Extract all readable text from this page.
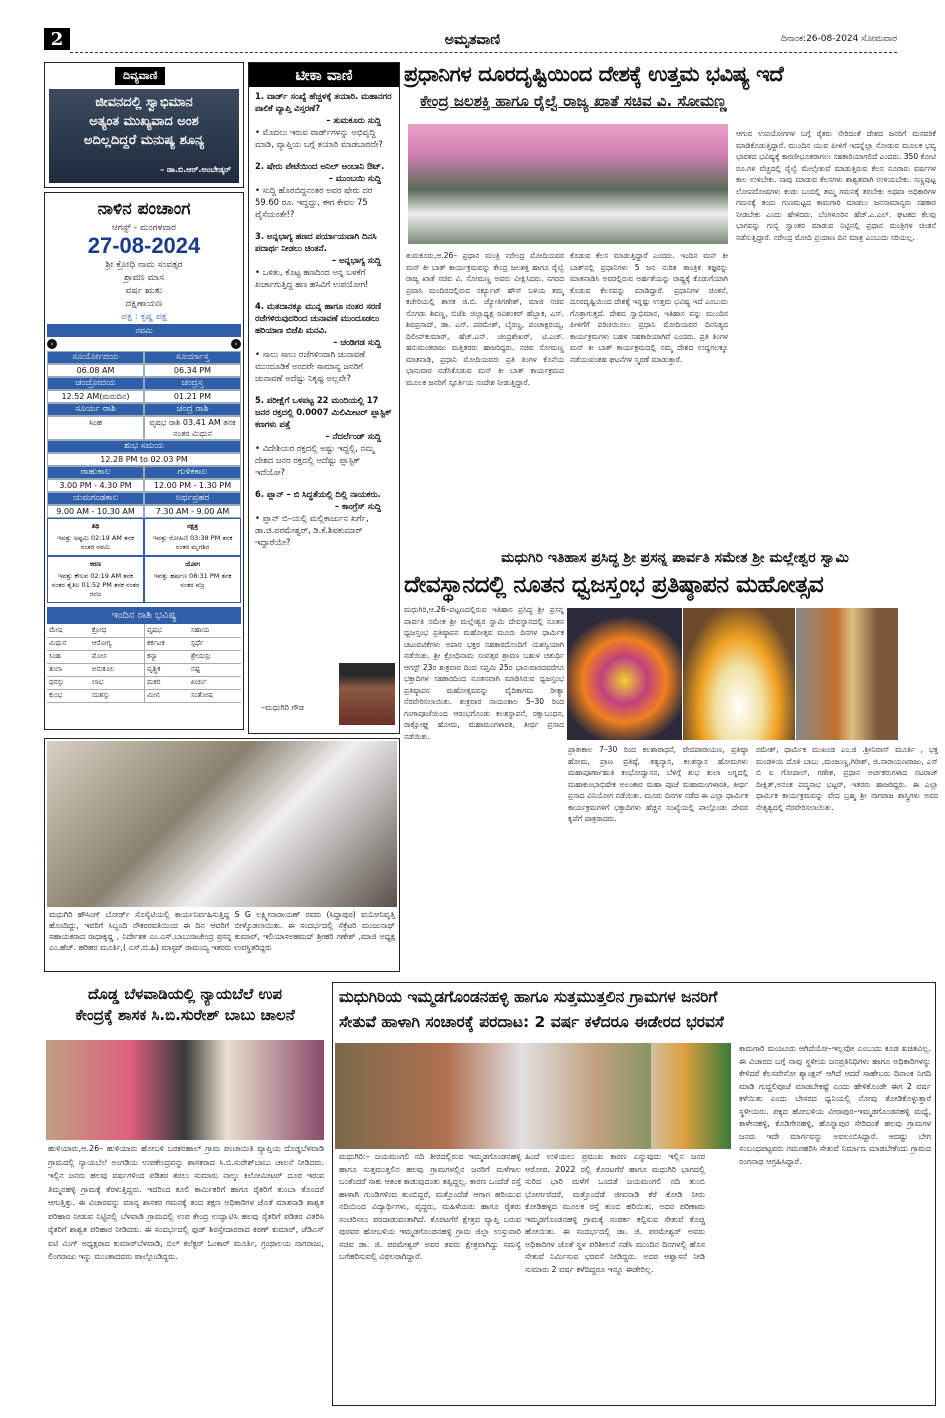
2	ಅಮೃತವಾಣಿ	ದಿನಾಂಕ:26-08-2024 ಸೋಮವಾರ
ದಿವ್ಯವಾಣಿ
ಜೀವನದಲ್ಲಿ ಸ್ವಾಭಿಮಾನ
ಅತ್ಯಂತ ಮುಖ್ಯವಾದ ಅಂಶ
ಅದಿಲ್ಲದಿದ್ದರೆ ಮನುಷ್ಯ ಶೂನ್ಯ
– ಡಾ.ಬಿ.ಆರ್.ಅಂಬೇಡ್ಕರ್
ನಾಳಿನ ಪಂಚಾಂಗ
ಆಗಸ್ಟ್ - ಮಂಗಳವಾರ
27-08-2024
ಶ್ರೀ ಕ್ರೋಧಿ ನಾಮ ಸಂವತ್ಸರ
ಶ್ರಾವಣ ಮಾಸ
ವರ್ಷ ಋತು
ದಕ್ಷಿಣಾಯಣ
ಪಕ್ಷ : ಕೃಷ್ಣ ಪಕ್ಷ
ನವಮಿ
‹	›
ಸೂರ್ಯೋದಯ	ಸೂರ್ಯಾಸ್ತ
06.08 AM	06.34 PM
ಚಂದ್ರೋದಯ	ಚಂದ್ರಸ್ತ
12.52 AM(ಮರುದಿನ)	01.21 PM
ಸೂರ್ಯ ರಾಶಿ	ಚಂದ್ರ ರಾಶಿ
ಸಿಂಹ	ವೃಷಭ ರಾಶಿ 03.41 AM ತನಕ ನಂತರ ಮಿಥುನ
ಶುಭ ಸಮಯ
12.28 PM to 02.03 PM
ರಾಹುಕಾಲ	ಗುಳಿಕಕಾಲ
3.00 PM - 4.30 PM	12.00 PM - 1.30 PM
ಯಮಗಂಡಕಾಲ	ಅರ್ಧಪ್ರಹರ
9.00 AM - 10.30 AM	7.30 AM - 9.00 AM
ತಿಥಿ
ಇವತ್ತು ಅಷ್ಟಮಿ 02:19 AM ತನಕ ನಂತರ ನವಮಿ
ನಕ್ಷತ್ರ
ಇವತ್ತು ರೋಹಿಣಿ 03:38 PM ತನಕ ನಂತರ ಮೃಗಶಿರ
ಕರಣ
ಇವತ್ತು ಕೌಲವ 02:19 AM ತನಕ ನಂತರ ತೈತಿಲ 01:52 PM ತನಕ ನಂತರ ಗರಜ
ಯೋಗ
ಇವತ್ತು ಹರ್ಷಣ 08:31 PM ತನಕ ನಂತರ ವಜ್ರ
ಇಂದಿನ ರಾಶಿ ಭವಿಷ್ಯ
ಮೇಷ	ಕ್ರೋಧ	ವೃಷಭ	ಸಹಾಯ
ಮಿಥುನ	ಆರೋಗ್ಯ	ಕರ್ಕಟಕ	ಸ್ಪರ್ಧೆ
ಸಿಂಹ	ಮೋಸ	ಕನ್ಯಾ	ಶ್ರೇಯಸ್ಸು
ತುಲಾ	ಅನುಕೂಲ	ವೃಶ್ಚಿಕ	ನಷ್ಟ
ಧನಸ್ಸು	ಲಾಭ	ಮಕರ	ಖರ್ಚು
ಕುಂಭ	ಯಶಸ್ಸು	ಮೀನ	ಸಂತೋಷ
ಟೀಕಾ ವಾಣಿ

1. ವಾರ್ಡ್ ಸಂಖ್ಯೆ ಹೆಚ್ಚಳಕ್ಕೆ ತಯಾರಿ. ಮಹಾನಗರ ಪಾಲಿಕೆ ವ್ಯಾಪ್ತಿ ವಿಸ್ತರಣೆ?
– ತುಮಕೂರು ಸುದ್ದಿ
• ಮೊದಲು ಇರುವ ವಾರ್ಡ್‌ಗಳನ್ನು ಅಭಿವೃದ್ಧಿ ಮಾಡಿ, ವ್ಯಾಪ್ತಿಯ ಬಗ್ಗೆ ತಯಾರಿ ಮಾಡಬಾರದೇ?

2. ಷೇರು ಪೇಟೆಯಿಂದ ಅನಿಲ್ ಅಂಬಾನಿ ಔಟ್.
– ಮುಂಬಯಿ ಸುದ್ದಿ
• ಸುದ್ದಿ ಹೊರಬಿದ್ದನಂತರ ಅವರ ಷೇರು ದರ 59.60 ರೂ. ಇದ್ದದ್ದು, ಈಗ ಕೇವಲ 75 ಪೈಸೆಯಂತೇ!?

3. ಅನ್ನಭಾಗ್ಯ ಹಣದ ಪರ್ಯಾಯವಾಗಿ ದಿನಸಿ ಪದಾರ್ಥ ನೀಡಲು ಚಿಂತನೆ.
– ಅನ್ನಭಾಗ್ಯ ಸುದ್ದಿ
• ಒಳಿತು, ಕೊಟ್ಟ ಹಣದಿಂದ ಅನ್ನ ಬಳಕೆಗೆ ಖರ್ಚಾಗುತ್ತಿದ್ದ ಹಣ ಹಸಿವಿಗೆ ಉಪಯೋಗ!

4. ಮತದಾನಕ್ಕೂ ಮುನ್ನ ಹಾಗೂ ನಂತರ ಸರಣಿ ರಜೆಗಳಿರುವುದರಿಂದ ಚುನಾವಣೆ ಮುಂದೂಡಲು ಹರಿಯಾಣ ಬಿಜೆಪಿ ಮನವಿ.
– ಚಂಡಿಗಡ ಸುದ್ದಿ
• ಸಾಲು ಸಾಲು ರಜೆಗಳಿಂದಾಗಿ ಚುನಾವಣೆ ಮುಂದೂಡಿಕೆ ಅಂದರೇ ಸಾಮಾನ್ಯ ಜನರಿಗೆ ಚುನಾವಣೆ ಅದೆಷ್ಟು ನಿಕೃಷ್ಟ ಅಲ್ಲವೇ?

5. ಪರೀಕ್ಷೆಗೆ ಒಳಪಟ್ಟ 22 ಮಂದಿಯಲ್ಲಿ 17 ಜನರ ರಕ್ತದಲ್ಲಿ 0.0007 ಮಿಲಿಮೀಟರ್ ಪ್ಲಾಸ್ಟಿಕ್ ಕಣಗಳು ಪತ್ತೆ
– ನೆದರ್ಲೆಂಡ್ ಸುದ್ದಿ
• ವಿದೇಶಿಯರ ರಕ್ತದಲ್ಲಿ ಅಷ್ಟು ಇದ್ದಲ್ಲಿ, ನಮ್ಮ ದೇಶದ ಜನರ ರಕ್ತದಲ್ಲಿ ಅದೆಷ್ಟು ಪ್ಲಾಸ್ಟಿಕ್ ಇದೆಯೋ?

6. ಪ್ಲಾನ್ – ಬಿ ಸಿದ್ಧತೆಯಲ್ಲಿ ದಿಲ್ಲಿ ನಾಯಕರು.
– ಕಾಂಗ್ರೆಸ್ ಸುದ್ದಿ
• ಪ್ಲಾನ್ ಬಿ–ಯಲ್ಲಿ ಮಲ್ಲಿಕಾರ್ಜುನ ಖರ್ಗೆ, ಡಾ.ಜಿ.ಪರಮೇಶ್ವರ್, ಡಿ.ಕೆ.ಶಿವಕುಮಾರ್ ಇದ್ದಾರೆಯೇ?

–ಮಧುಗಿರಿ ಗೌಡ
ಪ್ರಧಾನಿಗಳ ದೂರದೃಷ್ಟಿಯಿಂದ ದೇಶಕ್ಕೆ ಉತ್ತಮ ಭವಿಷ್ಯ ಇದೆ
ಕೇಂದ್ರ ಜಲಶಕ್ತಿ ಹಾಗೂ ರೈಲ್ವೆ ರಾಜ್ಯ ಖಾತೆ ಸಚಿವ ವಿ. ಸೋಮಣ್ಣ
ತುಮಕೂರು,ಆ.26– ಪ್ರಧಾನ ಮಂತ್ರಿ ನರೇಂದ್ರ ಮೋದಿಯವರ ಮನ್ ಕೀ ಬಾತ್ ಕಾರ್ಯಕ್ರಮವನ್ನು ಕೇಂದ್ರ ಜಲಶಕ್ತಿ ಹಾಗೂ ರೈಲ್ವೆ ರಾಜ್ಯ ಖಾತೆ ಸಚಿವ ವಿ. ಸೋಮಣ್ಣ ಅವರು ವೀಕ್ಷಿಸಿದರು. ನಗರದ ಪ್ರವಾಸಿ ಮಂದಿರದಲ್ಲಿರುವ ಸರ್ಕ್ಯೂಟ್ ಹೌಸ್ ಬಳಿಯ ತಮ್ಮ ಕಚೇರಿಯಲ್ಲಿ ಶಾಸಕ ಜಿ.ಬಿ. ಜ್ಯೋತಿಗಣೇಶ್, ಮಾಜಿ ಸಚಿವ ಸೊಗಡು ಶಿವಣ್ಣ, ಬಿಜೆಪಿ ಜಿಲ್ಲಾಧ್ಯಕ್ಷ ರವಿಶಂಕರ್ ಹೆಬ್ಬಾಕ, ಎಸ್. ಶಿವಪ್ರಸಾದ್, ಡಾ. ಎಸ್. ಪರಮೇಶ್, ಬೈರಣ್ಣ, ಪಂಚಾಕ್ಷರಯ್ಯ, ದಿಲೀಪ್‌ಕುಮಾರ್, ಹೆಚ್.ಎನ್. ಚಂದ್ರಶೇಖರ್, ಟಿ.ಎಚ್. ಹನುಮಂತರಾಜು ಮತ್ತಿತರರು ಹಾಜರಿದ್ದರು. ಸಚಿವ ಸೋಮಣ್ಣ ಮಾತನಾಡಿ, ಪ್ರಧಾನಿ ಮೋದಿಯವರು ಪ್ರತಿ ತಿಂಗಳ ಕೊನೆಯ ಭಾನುವಾರ ನಡೆಸಿಕೊಡುವ ಮನ್ ಕೀ ಬಾತ್ ಕಾರ್ಯಕ್ರಮದ ಮೂಲಕ ಜನರಿಗೆ ಸ್ಪೂರ್ತಿಯ ಸಂದೇಶ ನೀಡುತ್ತಿದ್ದಾರೆ.
ಕೊಡುವ ಕೆಲಸ ಮಾಡುತ್ತಿದ್ದಾರೆ ಎಂದರು. ಇಂದಿನ ಮನ್ ಕೀ ಬಾತ್‌ನಲ್ಲಿ ಪ್ರಧಾನಿಗಳು 5 ಜನ ನುರಿತ ತಾಂತ್ರಿಕ ತಜ್ಞರನ್ನು ಮಾತನಾಡಿಸಿ ಅವರಲ್ಲಿರುವ ಅರ್ಹತೆಯನ್ನು ರಾಷ್ಟ್ರಕ್ಕೆ ಕೊಡುಗೆಯಾಗಿ ಕೊಡುವ ಕೆಲಸವನ್ನು ಮಾಡಿದ್ದಾರೆ. ಪ್ರಧಾನಿಗಳ ಚಿಂತನೆ, ದೂರದೃಷ್ಟಿಯಿಂದ ದೇಶಕ್ಕೆ ಇನ್ನಷ್ಟು ಉತ್ತಮ ಭವಿಷ್ಯ ಇದೆ ಎಂಬುದು ಗೊತ್ತಾಗುತ್ತದೆ. ದೇಶದ ಸ್ವಾಭಿಮಾನ, ಇತಿಹಾಸ ವನ್ನು ಮುಂದಿನ ಪೀಳಿಗೆಗೆ ಪರಿಚಯಿಸಲು ಪ್ರಧಾನಿ ಮೋದಿಯವರ ದಿನನಿತ್ಯದ ಕಾರ್ಯಕ್ರಮಗಳು ಬಹಳ ಸಹಕಾರಿಯಾಗಿವೆ ಎಂದರು. ಪ್ರತಿ ತಿಂಗಳ ಮನ್ ಕೀ ಬಾತ್ ಕಾರ್ಯಕ್ರಮದಲ್ಲಿ ನಮ್ಮ ದೇಶದ ಉದ್ದಗಲಕ್ಕೂ ನಡೆಯುವಂತಹ ಘಟನೆಗಳ ಸ್ಮರಣೆ ಮಾಡುತ್ತಾರೆ.
ಆಗುವ ಉಪಯೋಗಗಳ ಬಗ್ಗೆ ರೈತರು ಸೇರಿದಂತೆ ದೇಶದ ಜನರಿಗೆ ಮನವರಿಕೆ ಮಾಡಿಕೊಡುತ್ತಿದ್ದಾರೆ. ಮುಂದಿನ ಯುವ ಪೀಳಿಗೆ ಇದನ್ನೆಲ್ಲಾ ನೋಡುವ ಮೂಲಕ ಭವ್ಯ ಭಾರತದ ಭವಿಷ್ಯಕ್ಕೆ ಕಾರಣೀಭೂತರಾಗಲು ಸಹಕಾರಿಯಾಗಲಿದೆ ಎಂದರು. 350 ಕೋಟಿ ರೂ.ಗಳ ವೆಚ್ಚದಲ್ಲಿ ರೈಲ್ವೆ ಮೇಲ್ಸೇತುವೆ ಮಾಡುತ್ತಿರುವ ಕೆಲಸ ನೂರಾರು ವರ್ಷಗಳ ಕಾಲ ಉಳಿಬೇಕು. ನಾವು ಮಾಡುವ ಕೆಲಸಗಳು ಶಾಶ್ವತವಾಗಿ ಉಳಿಯಬೇಕು. ಸಣ್ಣಪುಟ್ಟ ಲೋಪದೋಷಗಳು ಕಂಡು ಬಂದಲ್ಲಿ ತಮ್ಮ ಗಮನಕ್ಕೆ ತರಬೇಕು ಅಥವಾ ಅಧಿಕಾರಿಗಳ ಗಮನಕ್ಕೆ ತಂದು ಗುಣಮಟ್ಟದ ಕಾಮಗಾರಿ ಮಾಡಲು ಜನಸಾಮಾನ್ಯರು ಸಹಕಾರ ನೀಡಬೇಕು ಎಂದು ಹೇಳಿದರು. ಬೆಂಗಳೂರಿನ ಹೆಚ್.ಎ.ಎಲ್. ಘಟಕದ ಕೆಲವು ಭಾಗವನ್ನು ಗುಬ್ಬಿ ಸ್ವಾಂತರ ಮಾಡುವ ನಿಟ್ಟಿನಲ್ಲಿ ಪ್ರಧಾನ ಮಂತ್ರಿಗಳ ಚಿಂತನೆ ನಡೆಸುತ್ತಿದ್ದಾರೆ. ನರೇಂದ್ರ ಮೋದಿ ಪ್ರಯಾಣ ದಿನ ಮಾತ್ರ ಎಂಬುದು ಸರಿಯಲ್ಲ.
ಮಧುಗಿರಿ ಇತಿಹಾಸ ಪ್ರಸಿದ್ಧ ಶ್ರೀ ಪ್ರಸನ್ನ ಪಾರ್ವತಿ ಸಮೇತ ಶ್ರೀ ಮಲ್ಲೇಶ್ವರ ಸ್ವಾಮಿ
ದೇವಸ್ಥಾನದಲ್ಲಿ ನೂತನ ಧ್ವಜಸ್ತಂಭ ಪ್ರತಿಷ್ಠಾಪನ ಮಹೋತ್ಸವ
ಮಧುಗಿರಿ,ಆ.26–ಪಟ್ಟಣದಲ್ಲಿರುವ ಇತಿಹಾಸ ಪ್ರಸಿದ್ಧ ಶ್ರೀ ಪ್ರಸನ್ನ ಪಾರ್ವತಿ ಸಮೇತ ಶ್ರೀ ಮಲ್ಲೇಶ್ವರ ಸ್ವಾಮಿ ದೇವಸ್ಥಾನದಲ್ಲಿ ನೂತನ ಧ್ವಜಸ್ತಂಭ ಪ್ರತಿಷ್ಠಾಪನ ಮಹೋತ್ಸವ ಮೂರು ದಿನಗಳ ಧಾರ್ಮಿಕ ಚಟುವಟಿಕೆಗಳು ಅಪಾರ ಭಕ್ತರ ಸಹಕಾರದೊಂದಿಗೆ ಯಶಸ್ವಿಯಾಗಿ ನಡೆಯಿತು. ಶ್ರೀ ಕ್ರೋಧಿನಾಮ ಸಂವತ್ಸರ ಶ್ರಾವಣ ಬಹುಳ ಚತುರ್ಥಿ ಆಗಸ್ಟ್ 23ರ ಶುಕ್ರವಾರ ದಿಂದ ಸಪ್ತಮಿ 25ರ ಭಾನುವಾರದವರೆಗೂ ಭಕ್ತಾದಿಗಳ ಸಹಕಾರದಿಂದ ನೂತನವಾಗಿ ಮಾಡಿಸಿರುವ ಧ್ವಜಸ್ತಂಭ ಪ್ರತಿಷ್ಠಾಪನ ಮಹೋತ್ಸವವನ್ನು ವೈದಿಕಾಗಮ ರೀತ್ಯಾ ನೆರವೇರಿಸಲಾಯಿತು. ಶುಕ್ರವಾರ ಸಾಯಂಕಾಲ 5–30 ರಿಂದ ಗಂಗಾಪೂಜೆಯಿಂದ ಆರಂಭಗೊಂಡು ಕಲಶಸ್ಥಾಪನೆ, ರಕ್ಷಾಬಂಧನ, ರಾಕ್ಷೋಘ್ನ ಹೋಮ, ಮಹಾಮಂಗಳಾರತಿ, ತೀರ್ಥ ಪ್ರಸಾದ ನಡೆಯಿತು.
ಪ್ರಾತಃಕಾಲ 7–30 ರಿಂದ ಕಲಶಾರಾಧನೆ, ವೇದಪಾರಾಯಣ, ಪ್ರತಿಷ್ಠಾ ಹೋಮ, ಪ್ರಾಣ ಪ್ರತಿಷ್ಠೆ, ತತ್ವನ್ಯಾಸ, ಕಲಶನ್ಯಾಸ ಹೋಮಗಳು ಮಹಾಪೂರ್ಣಾಹುತಿ ಕಂಭೋದ್ವಾಸನ, ಬೆಳಿಗ್ಗೆ ಶುಭ ತುಲಾ ಲಗ್ನದಲ್ಲಿ ಮಹಾಕುಂಭಾಭಿಷೇಕ ಅಲಂಕಾರ ಮಹಾ ಪೂಜೆ ಮಹಾಮಂಗಳಾರತಿ, ತೀರ್ಥ ಪ್ರಸಾದ ವಿನಿಯೋಗ ನಡೆಯಿತು. ಮೂರು ದಿನಗಳ ನಡೆದ ಈ ಎಲ್ಲಾ ಧಾರ್ಮಿಕ ಕಾರ್ಯಕ್ರಮಗಳಿಗೆ ಭಕ್ತಾದಿಗಳು ಹೆಚ್ಚಿನ ಸಂಖ್ಯೆಯಲ್ಲಿ ಪಾಲ್ಗೊಂಡು ದೇವರ ಕೃಪೆಗೆ ಪಾತ್ರರಾದರು.
ರಮೇಶ್, ಧಾರ್ಮಿಕ ಮುಖಂಡ ಎಂ.ಜಿ .ಶ್ರೀನಿವಾಸ್ ಮೂರ್ತಿ , ಭಕ್ತ ಮಂಡಳಿಯ ದೊಳಿ ಬಾಬು ,ಮಂಜುಣ್ಣ,ಗಿರೀಶ್, ಜಿ.ನಾರಾಯಣರಾಜು, ಎಸ್ ಬಿ ಐ ಗೋಪಾಲ್, ಗಣೇಶ, ಪ್ರಧಾನ ಅರ್ಚಕರುಗಳಾದ ನಟರಾಜ್ ದೀಕ್ಷಿತ್,ಅನಂತ ಪದ್ಮನಾಭ ಭಟ್ಟರ್, ಇತರರು ಹಾಜರಿದ್ದರು. ಈ ಎಲ್ಲಾ ಧಾರ್ಮಿಕ ಕಾರ್ಯಕ್ರಮವನ್ನು ವೇದ ಬ್ರಹ್ಮ ಶ್ರೀ ನಾಗರಾಜ ಶಾಸ್ತ್ರಿಗಳು ಅವರ ನೇತೃತ್ವದಲ್ಲಿ ನೆರವೇರಿಸಲಾಯಿತು.
ಮಧುಗಿರಿ ಹೌಸಿಂಗ್ ಬೋರ್ಡ್ ಸೊಸೈಟಿಯಲ್ಲಿ ಕಾರ್ಯನಿರ್ವಹಿಸುತ್ತಿದ್ದ S G ಲಕ್ಷ್ಮೀನಾರಾಯಣ್ ರವರು (ಸಿದ್ದಾಪುರ) ವಯೋನಿವೃತ್ತಿ ಹೊಂದಿದ್ದು, ಇವರಿಗೆ ಸಿಬ್ಬಂದಿ ನೌಕರರವತಿಯಿಂದ ಈ ದಿನ ಆವರಿಗೆ ಬೀಳ್ಕೊಡಲಾಯಿತು. ಈ ಸಂದರ್ಭದಲ್ಲಿ ಸೆಕ್ರೆಟರಿ ಮಂಜುನಾಥ್ ಸಹಾಯಕರಾದ ರಾಧಾಕೃಷ್ಣ , ನಿರ್ದೇಶಕ ಎಂ.ಎಸ್.ಬಾಬುರಾಜೇಂದ್ರ ಪ್ರಸನ್ನ ಕುಮಾರ್, ಇಲಿಯಾಸಅಹಮದ್ ಶ್ರೀಹರಿ ಗಣೇಶ್ ,ಮಾಜಿ ಅಧ್ಯಕ್ಷ ಎಂ.ಹೆಚ್. ಹರಿಹರ ಮೂರ್ತಿ,( ಎಸ್.ಬಿ.ಹಿ) ಮಾಸ್ಟರ್ ರಾಮಯ್ಯ ಇತರರು ಉಪಸ್ಥಿತರಿದ್ದರು
ದೊಡ್ಡ ಬೆಳವಾಡಿಯಲ್ಲಿ ನ್ಯಾಯಬೆಲೆ ಉಪ
ಕೇಂದ್ರಕ್ಕೆ ಶಾಸಕ ಸಿ.ಬಿ.ಸುರೇಶ್ ಬಾಬು ಚಾಲನೆ
ಹುಳಿಯಾರು,ಆ.26– ಹುಳಿಯಾರು ಹೋಬಳಿ ಬರಕನಹಾಲ್ ಗ್ರಾಮ ಪಂಚಾಯಿತಿ ವ್ಯಾಪ್ತಿಯ ದೊಡ್ಡಬೆಳವಾಡಿ ಗ್ರಾಮದಲ್ಲಿ ನ್ಯಾಯಬೆಲೆ ಅಂಗಡಿಯ ಉಪಕೇಂದ್ರವನ್ನು ಶಾಸಕರಾದ ಸಿ.ಬಿ.ಸುರೇಶ್‌ಬಾಬು ಚಾಲನೆ ನೀಡಿದರು. ಇಲ್ಲಿನ ಜನರು ಹಲವು ವರ್ಷಗಳಿಂದ ಪಡಿತರ ತರಲು ಸುಮಾರು ನಾಲ್ಕು ಕಿಲೋಮೀಟರ್ ದೂರ ಇರುವ ತಿಮ್ಮನಹಳ್ಳಿ ಗ್ರಾಮಕ್ಕೆ ತೆರಳುತ್ತಿದ್ದರು. ಇದರಿಂದ ಕೂಲಿ ಕಾರ್ಮಿಕರಿಗೆ ಹಾಗೂ ರೈತರಿಗೆ ತುಂಬಾ ತೊಂದರೆ ಆಗುತ್ತಿತ್ತು. ಈ ವಿಚಾರವನ್ನು ಮಾನ್ಯ ಶಾಸಕರ ಗಮನಕ್ಕೆ ತಂದ ತಕ್ಷಣ ಅಧಿಕಾರಿಗಳ ಜೊತೆ ಮಾತನಾಡಿ ಶಾಶ್ವತ ಪರಿಹಾರ ನೀಡುವ ನಿಟ್ಟಿನಲ್ಲಿ ಬೆಳವಾಡಿ ಗ್ರಾಮದಲ್ಲಿ ಉಪ ಕೇಂದ್ರ ಉದ್ಘಾಟಿಸಿ ಹಲವು ರೈತರಿಗೆ ಪಡಿತರ ವಿತರಿಸಿ ರೈತರಿಗೆ ಶಾಶ್ವತ ಪರಿಹಾರ ನೀಡಿದರು. ಈ ಸಂದರ್ಭದಲ್ಲಿ ಫುಡ್ ಶಿರಸ್ತೇದಾರರಾದ ಕಿರಣ್ ಕುಮಾರ್, ಜೆಡಿಎಸ್ ಐಟಿ ವಿಂಗ್ ಅಧ್ಯಕ್ಷರಾದ ಕುಮಾರ್‌ಬೆಳವಾಡಿ, ಬಿಲ್ ಕಲೆಕ್ಟರ್ ಓಂಕಾರ್ ಮೂರ್ತಿ, ಗ್ರಂಥಾಲಯ ನಾಗರಾಜು, ಲಿಂಗರಾಜು ಇನ್ನು ಮುಂತಾದವರು ಪಾಲ್ಗೊಂಡಿದ್ದರು.
ಮಧುಗಿರಿಯ ಇಮ್ಮಡಗೊಂಡನಹಳ್ಳಿ ಹಾಗೂ ಸುತ್ತಮುತ್ತಲಿನ ಗ್ರಾಮಗಳ ಜನರಿಗೆ
ಸೇತುವೆ ಹಾಳಾಗಿ ಸಂಚಾರಕ್ಕೆ ಪರದಾಟ: 2 ವರ್ಷ ಕಳೆದರೂ ಈಡೇರದ ಭರವಸೆ
ಮಧುಗಿರಿ:– ಜಯಮಂಗಲಿ ನದಿ ತೀರದಲ್ಲಿರುವ ಇಮ್ಮಡಗೊಂಡನಹಳ್ಳಿ ಹಾಗೂ ಸುತ್ತಮುತ್ತಲಿನ ಹಲವು ಗ್ರಾಮಗಳಲ್ಲಿನ ಜನರಿಗೆ ಮಳೆಗಾಲ ಬಂತೆಂದರೆ ಸಾಕು ಆತಂಕ ಕಾಡುವುದಂತು ತಪ್ಪಿದ್ದಲ್ಲ. ಕಾರಣ ಒಂದೆಡೆ ರಸ್ತೆ ಹಾಳಾಗಿ ಗುಂಡಿಗಳಿಂದ ತುಂಬಿದ್ದರೆ, ಮತ್ತೊಂದೆಡೆ ಆಗಾಗ ಹರಿಯುವ ನದಿಯಿಂದ ವಿದ್ಯಾರ್ಥಿಗಳು, ವೃದ್ಧರು, ಮಹಿಳೆಯರು ಹಾಗೂ ರೈತರು ಸಂಚರಿಸಲು ಪರದಾಡುವಂತಾಗಿದೆ. ಕೊರಟಗೆರೆ ಕ್ಷೇತ್ರದ ವ್ಯಾಪ್ತಿ ಬರುವ ಪುರವರ ಹೋಬಳಿಯ ಇಮ್ಮಡಗೊಂಡನಹಳ್ಳಿ ಗ್ರಾಮ ಜಿಲ್ಲಾ ಉಸ್ತುವಾರಿ ಸಚಿವ ಡಾ. ಜಿ. ಪರಮೇಶ್ವರ್ ಅವರ ತವರು ಕ್ಷೇತ್ರವಾಗಿದ್ದು ಸಮಸ್ಯೆ ಬಗೆಹರಿಸುವಲ್ಲಿ ವಿಫಲರಾಗಿದ್ದಾರೆ.
ಹಿಂದೆ ಉಳಿಯಲು ಪ್ರಮುಖ ಕಾರಣ ಎನ್ನುವುದು ಇಲ್ಲಿನ ಜನರ ಆರೋಪ. 2022 ರಲ್ಲಿ ಕೊರಟಗೆರೆ ಹಾಗೂ ಮಧುಗಿರಿ ಭಾಗದಲ್ಲಿ ಸುರಿದ ಭಾರಿ ಮಳೆಗೆ ಒಂದಡೆ ಜಯಮಂಗಲಿ ನದಿ ತುಂಬಿ ಭೋರ್ಗರೆದರೆ, ಮತ್ತೊಂದೆಡೆ ಜೀವನಾಡಿ ಕೆರೆ ಕೋಡಿ ನೀರು ಕೋಡಿಹಳ್ಳದ ಮೂಲಕ ರಸ್ತೆ ತುಂಬಿ ಹರಿಯಿತು. ಅದರ ಪರಿಣಾಮ ಇಮ್ಮಡಗೊಂಡನಹಳ್ಳಿ ಗ್ರಾಮಕ್ಕೆ ಸಂಪರ್ಕ ಕಲ್ಪಿಸುವ ಸೇತುವೆ ಕೊಚ್ಚಿ ಹೋಯಿತು. ಈ ಸಂದರ್ಭದಲ್ಲಿ ಡಾ. ಜಿ. ಪರಮೇಶ್ವರ್ ಅವರು ಅಧಿಕಾರಿಗಳ ಜೊತೆ ಸ್ಥಳ ಪರಿಶೀಲನೆ ನಡೆಸಿ ಮುಂದಿನ ದಿನಗಳಲ್ಲಿ ಹೊಸ ಸೇತುವೆ ನಿರ್ಮಿಸುವ ಭರವಸೆ ನೀಡಿದ್ದರು. ಅದರ ಆಶ್ವಾಸನೆ ನೀಡಿ ಸುಮಾರು 2 ವರ್ಷ ಕಳೆದಿದ್ದರೂ ಇನ್ನೂ ಈಡೇರಿಲ್ಲ.
ಕಾಮಗಾರಿ ಮಂಜೂರು ಆಗಿದೆಯೋ–ಇಲ್ಲವೋ ಎಂಬುದು ಕೂಡ ಖಚಿತವಿಲ್ಲ. ಈ ವಿಚಾರದ ಬಗ್ಗೆ ನಾವು ಸ್ಥಳೀಯ ಜನಪ್ರತಿನಿಧಿಗಳು ಹಾಗೂ ಅಧಿಕಾರಿಗಳನ್ನು ಕೇಳಿದರೆ ಕೆಲಸವೇನೋ ಶ್ಯಾಂಕ್ಷನ್ ಆಗಿದೆ ಆದರೆ ಸಾಹೇಬರು ದಿನಾಂಕ ನಿಗದಿ ಮಾಡಿ ಗುದ್ದಲಿಪೂಜೆ ಮಾಡಬೇಕಷ್ಟೆ ಎಂದು ಹೇಳಿಕೊಂಡೇ ಈಗ 2 ವರ್ಷ ಕಳೆಯಿತು ಎಂದು ಬೇಸರದ ಧ್ವನಿಯಲ್ಲಿ ನೋವು ತೋಡಿಕೊಳ್ಳುತ್ತಾರೆ ಸ್ಥಳೀಯರು. ಪಕ್ಕದ ಹೋಬಳಿಯ ವೀರಾಪುರ–ಇಮ್ಮಡಗೊಂಡನಹಳ್ಳಿ ಮಧ್ಯೆ, ಕಾಳೇನಹಳ್ಳಿ, ಕೊಡಿಗೇನಹಳ್ಳಿ, ಹೊನ್ನಾಪುರ ಸೇರಿದಂತೆ ಹಲವು ಗ್ರಾಮಗಳ ಜನರು ಇದೇ ಮಾರ್ಗವನ್ನು ಅವಲಂಬಿಸಿದ್ದಾರೆ. ಆದಷ್ಟು ಬೇಗ ಸಂಬಂಧಪಟ್ಟವರು ಗಮನಹರಿಸಿ ಸೇತುವೆ ನಿರ್ಮಾಣ ಮಾಡಬೇಕೆಂದು ಗ್ರಾಮದ ರಂಗನಾಥ ಆಗ್ರಹಿಸಿದ್ದಾರೆ.
